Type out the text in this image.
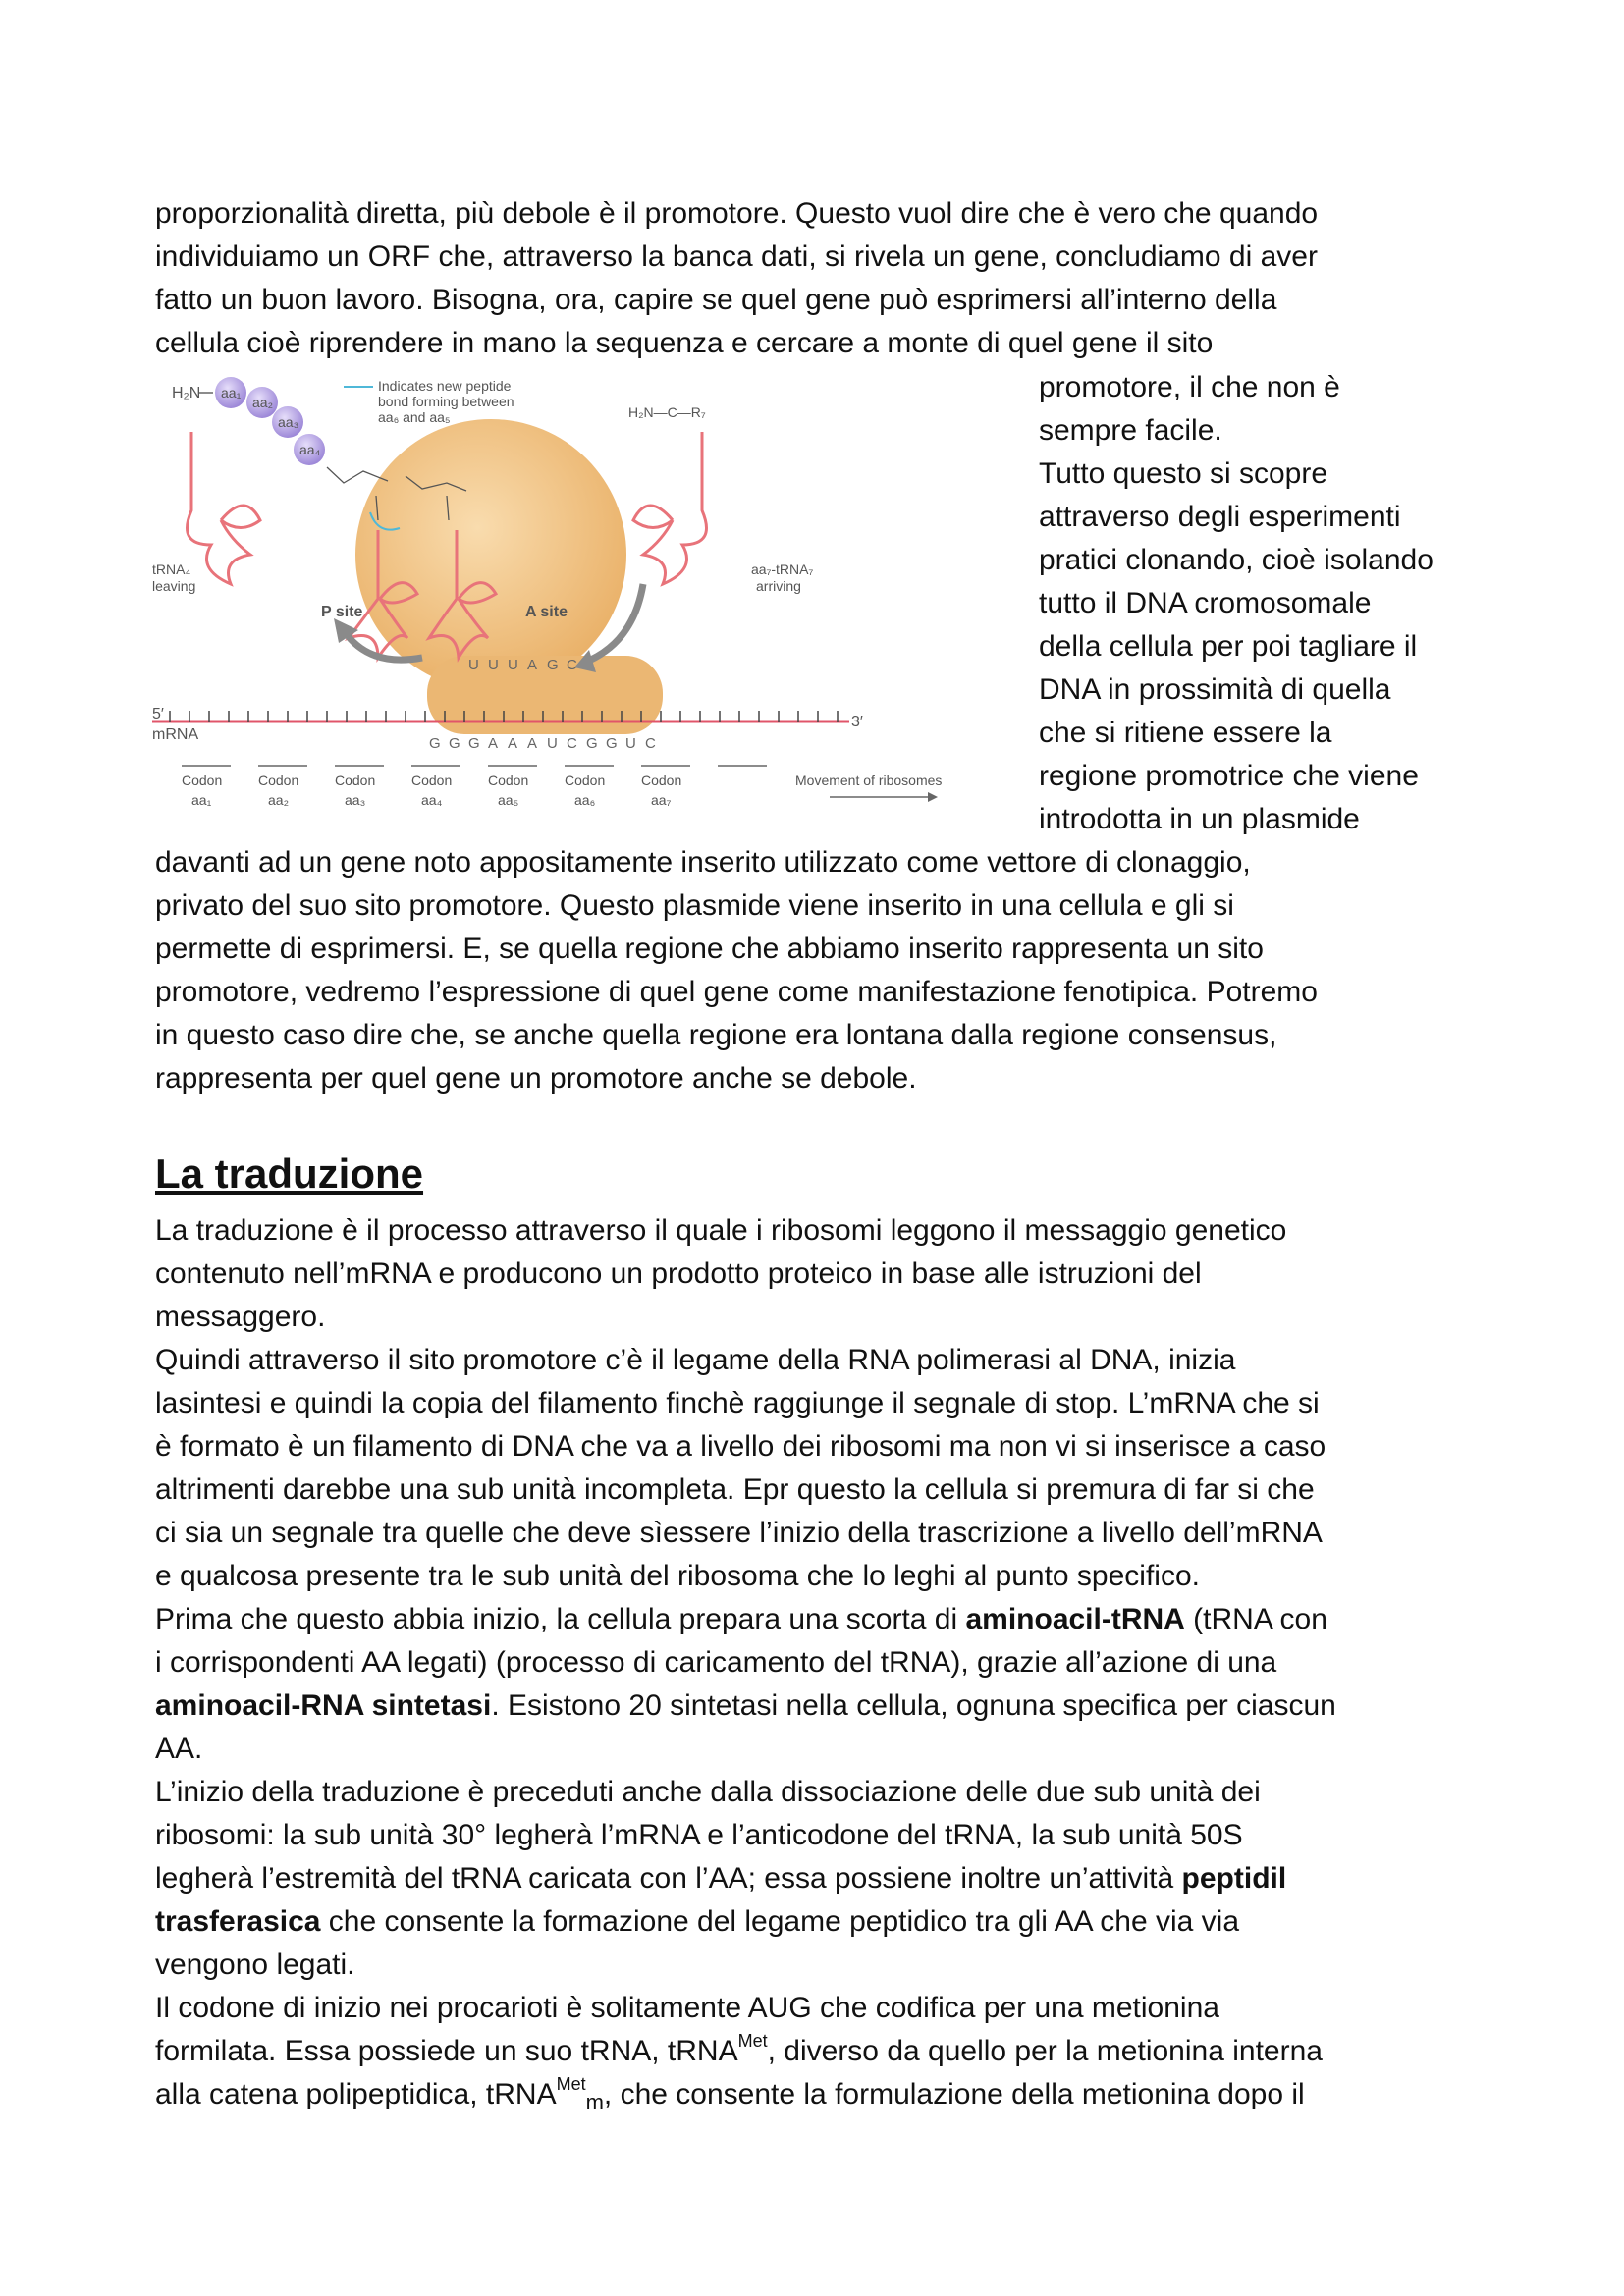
proporzionalità diretta, più debole è il promotore. Questo vuol dire che è vero che quando
individuiamo un ORF che, attraverso la banca dati, si rivela un gene, concludiamo di aver
fatto un buon lavoro. Bisogna, ora, capire se quel gene può esprimersi all’interno della
cellula cioè riprendere in mano la sequenza e cercare a monte di quel gene il sito
promotore, il che non è
sempre facile.
Tutto questo si scopre
attraverso degli esperimenti
pratici clonando, cioè isolando
tutto il DNA cromosomale
della cellula per poi tagliare il
DNA in prossimità di quella
che si ritiene essere la
regione promotrice che viene
introdotta in un plasmide
H₂N aa₁
aa₂
aa₃
aa₄
Indicates new peptide
bond forming between
aa₆ and aa₅
P site	A site
tRNA₄
leaving
H₂N—C—R₇
aa₇-tRNA₇
arriving
U U U A G C
5′
mRNA
3′
G G G A A A U C G G U C
Codon
aa₁
Codon
aa₂
Codon
aa₃
Codon
aa₄
Codon
aa₅
Codon
aa₆
Codon
aa₇
Movement of ribosomes
davanti ad un gene noto appositamente inserito utilizzato come vettore di clonaggio,
privato del suo sito promotore. Questo plasmide viene inserito in una cellula e gli si
permette di esprimersi. E, se quella regione che abbiamo inserito rappresenta un sito
promotore, vedremo l’espressione di quel gene come manifestazione fenotipica. Potremo
in questo caso dire che, se anche quella regione era lontana dalla regione consensus,
rappresenta per quel gene un promotore anche se debole.
La traduzione
La traduzione è il processo attraverso il quale i ribosomi leggono il messaggio genetico
contenuto nell’mRNA e producono un prodotto proteico in base alle istruzioni del
messaggero.
Quindi attraverso il sito promotore c’è il legame della RNA polimerasi al DNA, inizia
lasintesi e quindi la copia del filamento finchè raggiunge il segnale di stop. L’mRNA che si
è formato è un filamento di DNA che va a livello dei ribosomi ma non vi si inserisce a caso
altrimenti darebbe una sub unità incompleta. Epr questo la cellula si premura di far si che
ci sia un segnale tra quelle che deve sìessere l’inizio della trascrizione a livello dell’mRNA
e qualcosa presente tra le sub unità del ribosoma che lo leghi al punto specifico.
Prima che questo abbia inizio, la cellula prepara una scorta di aminoacil-tRNA (tRNA con
i corrispondenti AA legati) (processo di caricamento del tRNA), grazie all’azione di una
aminoacil-RNA sintetasi. Esistono 20 sintetasi nella cellula, ognuna specifica per ciascun
AA.
L’inizio della traduzione è preceduti anche dalla dissociazione delle due sub unità dei
ribosomi: la sub unità 30° legherà l’mRNA e l’anticodone del tRNA, la sub unità 50S
legherà l’estremità del tRNA caricata con l’AA; essa possiene inoltre un’attività peptidil
trasferasica che consente la formazione del legame peptidico tra gli AA che via via
vengono legati.
Il codone di inizio nei procarioti è solitamente AUG che codifica per una metionina
formilata. Essa possiede un suo tRNA, tRNA$^{Met}$, diverso da quello per la metionina interna
alla catena polipeptidica, tRNA$^{Met}_m$, che consente la formulazione della metionina dopo il
